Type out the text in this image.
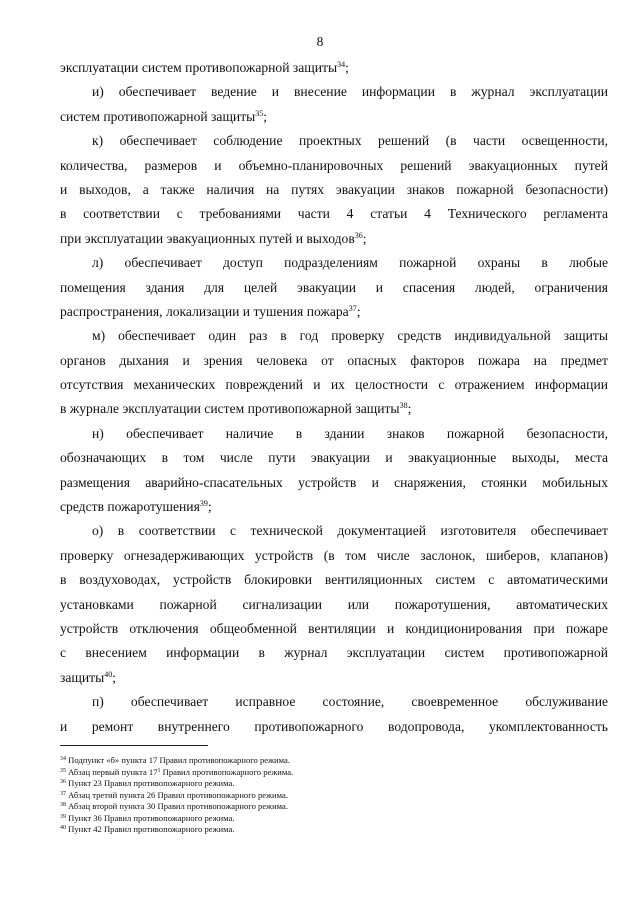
8
эксплуатации систем противопожарной защиты$^{34}$;
и) обеспечивает ведение и внесение информации в журнал эксплуатации
систем противопожарной защиты$^{35}$;
к) обеспечивает соблюдение проектных решений (в части освещенности,
количества, размеров и объемно-планировочных решений эвакуационных путей
и выходов, а также наличия на путях эвакуации знаков пожарной безопасности)
в соответствии с требованиями части 4 статьи 4 Технического регламента
при эксплуатации эвакуационных путей и выходов$^{36}$;
л) обеспечивает доступ подразделениям пожарной охраны в любые
помещения здания для целей эвакуации и спасения людей, ограничения
распространения, локализации и тушения пожара$^{37}$;
м) обеспечивает один раз в год проверку средств индивидуальной защиты
органов дыхания и зрения человека от опасных факторов пожара на предмет
отсутствия механических повреждений и их целостности с отражением информации
в журнале эксплуатации систем противопожарной защиты$^{38}$;
н) обеспечивает наличие в здании знаков пожарной безопасности,
обозначающих в том числе пути эвакуации и эвакуационные выходы, места
размещения аварийно-спасательных устройств и снаряжения, стоянки мобильных
средств пожаротушения$^{39}$;
о) в соответствии с технической документацией изготовителя обеспечивает
проверку огнезадерживающих устройств (в том числе заслонок, шиберов, клапанов)
в воздуховодах, устройств блокировки вентиляционных систем с автоматическими
установками пожарной сигнализации или пожаротушения, автоматических
устройств отключения общеобменной вентиляции и кондиционирования при пожаре
с внесением информации в журнал эксплуатации систем противопожарной
защиты$^{40}$;
п) обеспечивает исправное состояние, своевременное обслуживание
и ремонт внутреннего противопожарного водопровода, укомплектованность
$^{34}$ Подпункт «б» пункта 17 Правил противопожарного режима.
$^{35}$ Абзац первый пункта $17^1$ Правил противопожарного режима.
$^{36}$ Пункт 23 Правил противопожарного режима.
$^{37}$ Абзац третий пункта 26 Правил противопожарного режима.
$^{38}$ Абзац второй пункта 30 Правил противопожарного режима.
$^{39}$ Пункт 36 Правил противопожарного режима.
$^{40}$ Пункт 42 Правил противопожарного режима.
